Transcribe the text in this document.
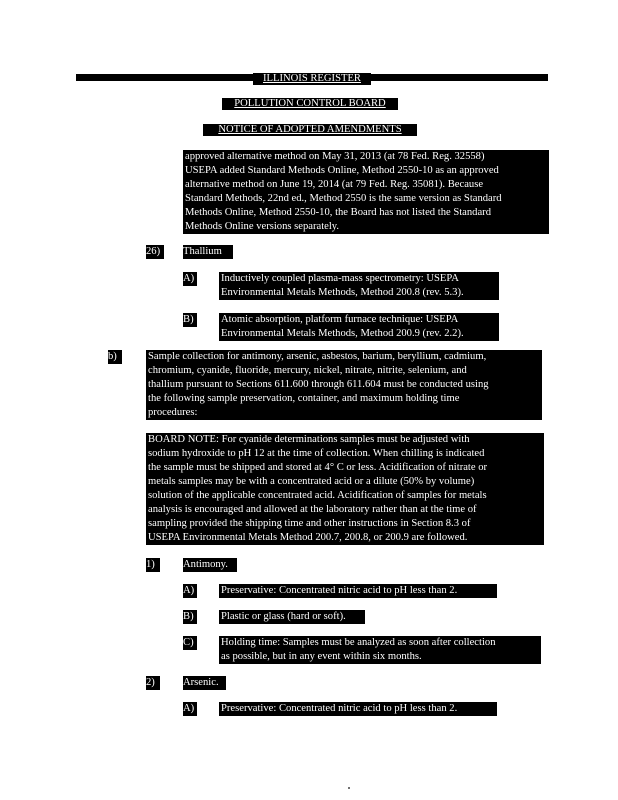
ILLINOIS REGISTER
POLLUTION CONTROL BOARD
NOTICE OF ADOPTED AMENDMENTS
approved alternative method on May 31, 2013 (at 78 Fed. Reg. 32558)
USEPA added Standard Methods Online, Method 2550-10 as an approved
alternative method on June 19, 2014 (at 79 Fed. Reg. 35081). Because
Standard Methods, 22nd ed., Method 2550 is the same version as Standard
Methods Online, Method 2550-10, the Board has not listed the Standard
Methods Online versions separately.
26)	Thallium
A)	Inductively coupled plasma-mass spectrometry: USEPA
Environmental Metals Methods, Method 200.8 (rev. 5.3).
B)	Atomic absorption, platform furnace technique: USEPA
Environmental Metals Methods, Method 200.9 (rev. 2.2).
b)	Sample collection for antimony, arsenic, asbestos, barium, beryllium, cadmium,
chromium, cyanide, fluoride, mercury, nickel, nitrate, nitrite, selenium, and
thallium pursuant to Sections 611.600 through 611.604 must be conducted using
the following sample preservation, container, and maximum holding time
procedures:
BOARD NOTE: For cyanide determinations samples must be adjusted with
sodium hydroxide to pH 12 at the time of collection. When chilling is indicated
the sample must be shipped and stored at 4° C or less. Acidification of nitrate or
metals samples may be with a concentrated acid or a dilute (50% by volume)
solution of the applicable concentrated acid. Acidification of samples for metals
analysis is encouraged and allowed at the laboratory rather than at the time of
sampling provided the shipping time and other instructions in Section 8.3 of
USEPA Environmental Metals Method 200.7, 200.8, or 200.9 are followed.
1)	Antimony.
A)	Preservative: Concentrated nitric acid to pH less than 2.
B)	Plastic or glass (hard or soft).
C)	Holding time: Samples must be analyzed as soon after collection
as possible, but in any event within six months.
2)	Arsenic.
A)	Preservative: Concentrated nitric acid to pH less than 2.
